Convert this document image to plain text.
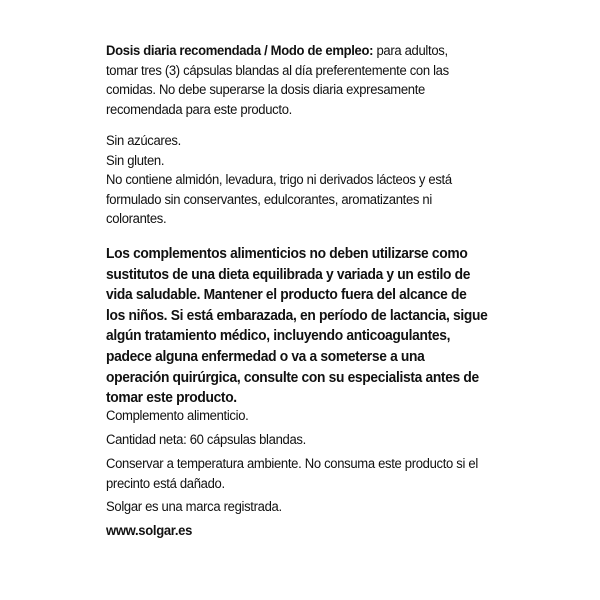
Dosis diaria recomendada / Modo de empleo: para adultos,
tomar tres (3) cápsulas blandas al día preferentemente con las
comidas. No debe superarse la dosis diaria expresamente
recomendada para este producto.
Sin azúcares.
Sin gluten.
No contiene almidón, levadura, trigo ni derivados lácteos y está
formulado sin conservantes, edulcorantes, aromatizantes ni
colorantes.
Los complementos alimenticios no deben utilizarse como
sustitutos de una dieta equilibrada y variada y un estilo de
vida saludable. Mantener el producto fuera del alcance de
los niños. Si está embarazada, en período de lactancia, sigue
algún tratamiento médico, incluyendo anticoagulantes,
padece alguna enfermedad o va a someterse a una
operación quirúrgica, consulte con su especialista antes de
tomar este producto.
Complemento alimenticio.
Cantidad neta: 60 cápsulas blandas.
Conservar a temperatura ambiente. No consuma este producto si el
precinto está dañado.
Solgar es una marca registrada.
www.solgar.es
